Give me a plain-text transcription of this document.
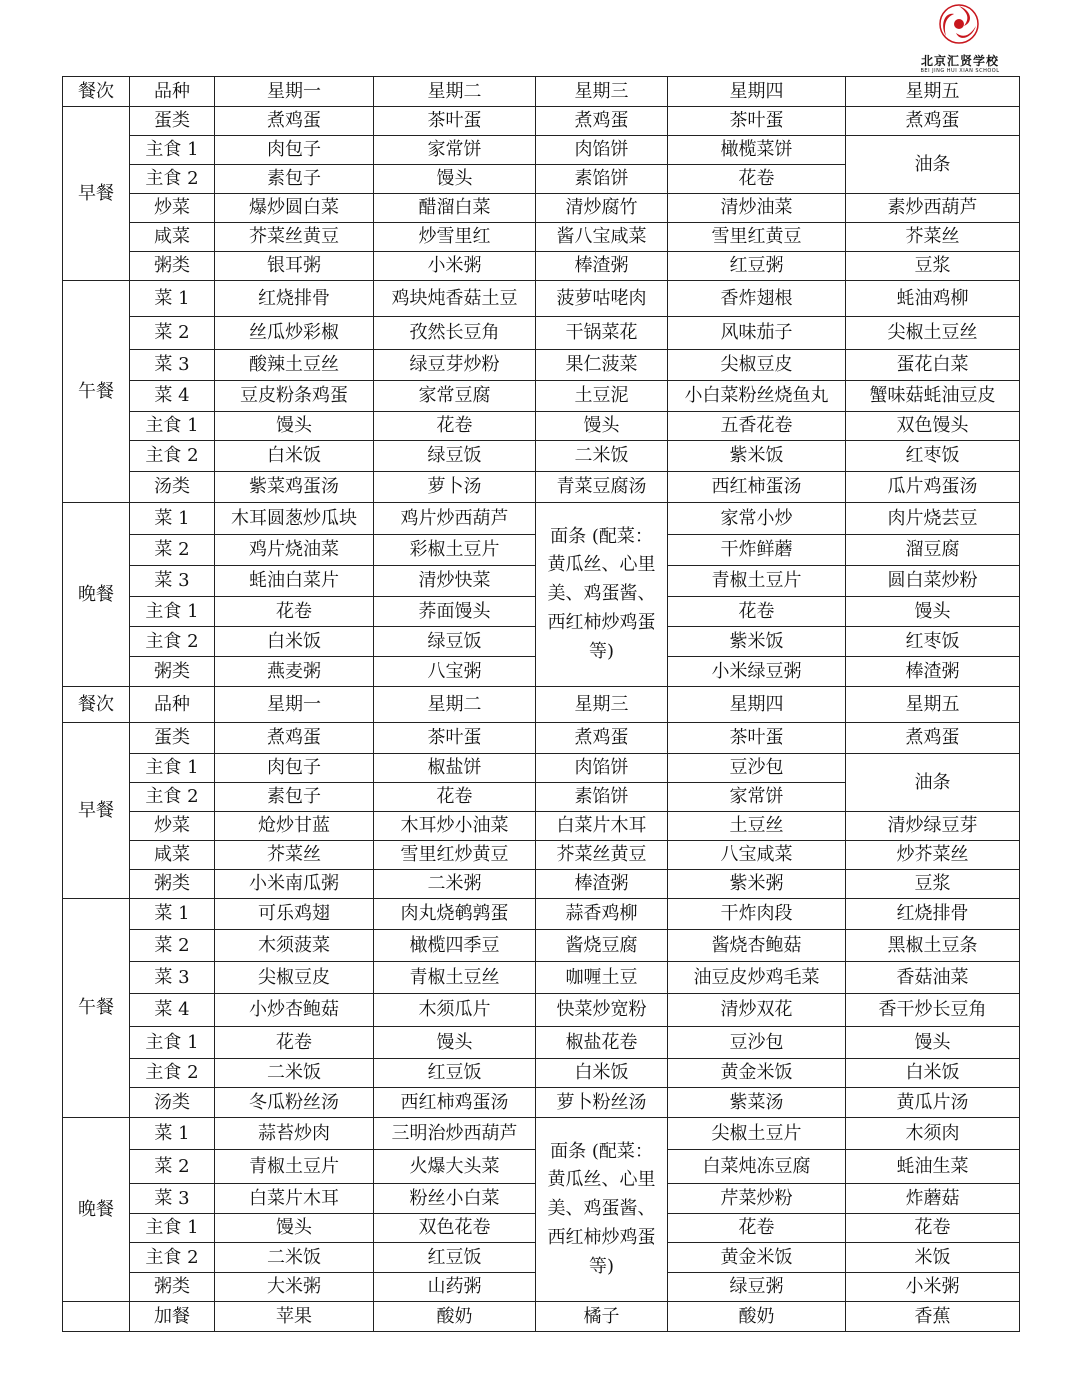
北京汇贤学校
BEI JING HUI XIAN SCHOOL
餐次	品种	星期一	星期二	星期三	星期四	星期五
早餐	蛋类	煮鸡蛋	茶叶蛋	煮鸡蛋	茶叶蛋	煮鸡蛋
	主食 1	肉包子	家常饼	肉馅饼	橄榄菜饼	油条
	主食 2	素包子	馒头	素馅饼	花卷	
	炒菜	爆炒圆白菜	醋溜白菜	清炒腐竹	清炒油菜	素炒西葫芦
	咸菜	芥菜丝黄豆	炒雪里红	酱八宝咸菜	雪里红黄豆	芥菜丝
	粥类	银耳粥	小米粥	棒渣粥	红豆粥	豆浆
午餐	菜 1	红烧排骨	鸡块炖香菇土豆	菠萝咕咾肉	香炸翅根	蚝油鸡柳
	菜 2	丝瓜炒彩椒	孜然长豆角	干锅菜花	风味茄子	尖椒土豆丝
	菜 3	酸辣土豆丝	绿豆芽炒粉	果仁菠菜	尖椒豆皮	蛋花白菜
	菜 4	豆皮粉条鸡蛋	家常豆腐	土豆泥	小白菜粉丝烧鱼丸	蟹味菇蚝油豆皮
	主食 1	馒头	花卷	馒头	五香花卷	双色馒头
	主食 2	白米饭	绿豆饭	二米饭	紫米饭	红枣饭
	汤类	紫菜鸡蛋汤	萝卜汤	青菜豆腐汤	西红柿蛋汤	瓜片鸡蛋汤
晚餐	菜 1	木耳圆葱炒瓜块	鸡片炒西葫芦	面条 (配菜：黄瓜丝、心里美、鸡蛋酱、西红柿炒鸡蛋等)	家常小炒	肉片烧芸豆
	菜 2	鸡片烧油菜	彩椒土豆片		干炸鲜蘑	溜豆腐
	菜 3	蚝油白菜片	清炒快菜		青椒土豆片	圆白菜炒粉
	主食 1	花卷	荞面馒头		花卷	馒头
	主食 2	白米饭	绿豆饭		紫米饭	红枣饭
	粥类	燕麦粥	八宝粥		小米绿豆粥	棒渣粥
餐次	品种	星期一	星期二	星期三	星期四	星期五
早餐	蛋类	煮鸡蛋	茶叶蛋	煮鸡蛋	茶叶蛋	煮鸡蛋
	主食 1	肉包子	椒盐饼	肉馅饼	豆沙包	油条
	主食 2	素包子	花卷	素馅饼	家常饼	
	炒菜	炝炒甘蓝	木耳炒小油菜	白菜片木耳	土豆丝	清炒绿豆芽
	咸菜	芥菜丝	雪里红炒黄豆	芥菜丝黄豆	八宝咸菜	炒芥菜丝
	粥类	小米南瓜粥	二米粥	棒渣粥	紫米粥	豆浆
午餐	菜 1	可乐鸡翅	肉丸烧鹌鹑蛋	蒜香鸡柳	干炸肉段	红烧排骨
	菜 2	木须菠菜	橄榄四季豆	酱烧豆腐	酱烧杏鲍菇	黑椒土豆条
	菜 3	尖椒豆皮	青椒土豆丝	咖喱土豆	油豆皮炒鸡毛菜	香菇油菜
	菜 4	小炒杏鲍菇	木须瓜片	快菜炒宽粉	清炒双花	香干炒长豆角
	主食 1	花卷	馒头	椒盐花卷	豆沙包	馒头
	主食 2	二米饭	红豆饭	白米饭	黄金米饭	白米饭
	汤类	冬瓜粉丝汤	西红柿鸡蛋汤	萝卜粉丝汤	紫菜汤	黄瓜片汤
晚餐	菜 1	蒜苔炒肉	三明治炒西葫芦	面条 (配菜：黄瓜丝、心里美、鸡蛋酱、西红柿炒鸡蛋等)	尖椒土豆片	木须肉
	菜 2	青椒土豆片	火爆大头菜		白菜炖冻豆腐	蚝油生菜
	菜 3	白菜片木耳	粉丝小白菜		芹菜炒粉	炸蘑菇
	主食 1	馒头	双色花卷		花卷	花卷
	主食 2	二米饭	红豆饭		黄金米饭	米饭
	粥类	大米粥	山药粥		绿豆粥	小米粥
	加餐	苹果	酸奶	橘子	酸奶	香蕉
